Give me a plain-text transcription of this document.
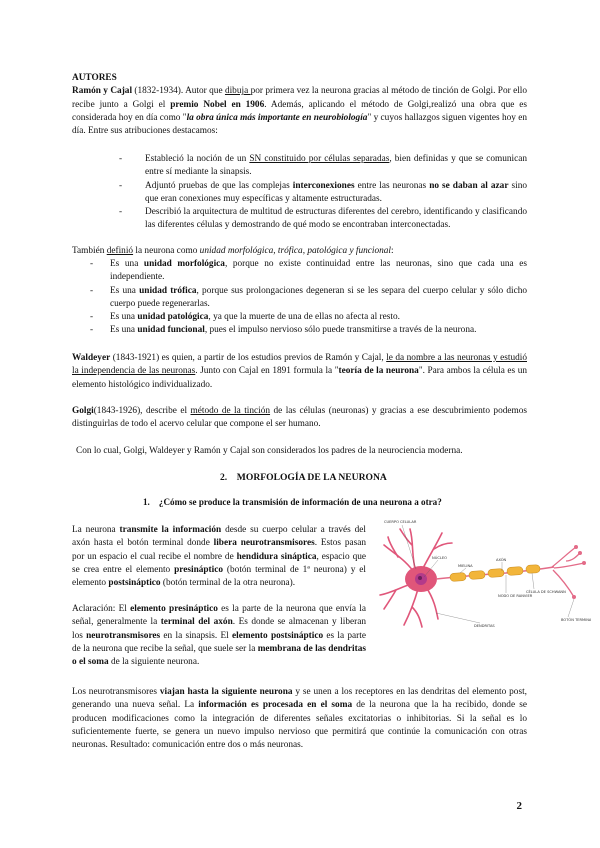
AUTORES
Ramón y Cajal (1832-1934). Autor que dibuja por primera vez la neurona gracias al método de tinción de Golgi. Por ello recibe junto a Golgi el premio Nobel en 1906. Además, aplicando el método de Golgi,realizó una obra que es considerada hoy en día como "la obra única más importante en neurobiología" y cuyos hallazgos siguen vigentes hoy en día. Entre sus atribuciones destacamos:
- Estableció la noción de un SN constituido por células separadas, bien definidas y que se comunican entre sí mediante la sinapsis.
- Adjuntó pruebas de que las complejas interconexiones entre las neuronas no se daban al azar sino que eran conexiones muy específicas y altamente estructuradas.
- Describió la arquitectura de multitud de estructuras diferentes del cerebro, identificando y clasificando las diferentes células y demostrando de qué modo se encontraban interconectadas.
También definió la neurona como unidad morfológica, trófica, patológica y funcional:
- Es una unidad morfológica, porque no existe continuidad entre las neuronas, sino que cada una es independiente.
- Es una unidad trófica, porque sus prolongaciones degeneran si se les separa del cuerpo celular y sólo dicho cuerpo puede regenerarlas.
- Es una unidad patológica, ya que la muerte de una de ellas no afecta al resto.
- Es una unidad funcional, pues el impulso nervioso sólo puede transmitirse a través de la neurona.
Waldeyer (1843-1921) es quien, a partir de los estudios previos de Ramón y Cajal, le da nombre a las neuronas y estudió la independencia de las neuronas. Junto con Cajal en 1891 formula la "teoría de la neurona". Para ambos la célula es un elemento histológico individualizado.
Golgi(1843-1926), describe el método de la tinción de las células (neuronas) y gracias a ese descubrimiento podemos distinguirlas de todo el acervo celular que compone el ser humano.
Con lo cual, Golgi, Waldeyer y Ramón y Cajal son considerados los padres de la neurociencia moderna.
2. MORFOLOGÍA DE LA NEURONA
1. ¿Cómo se produce la transmisión de información de una neurona a otra?
La neurona transmite la información desde su cuerpo celular a través del axón hasta el botón terminal donde libera neurotransmisores. Estos pasan por un espacio el cual recibe el nombre de hendidura sináptica, espacio que se crea entre el elemento presináptico (botón terminal de 1ª neurona) y el elemento postsináptico (botón terminal de la otra neurona).
Aclaración: El elemento presináptico es la parte de la neurona que envía la señal, generalmente la terminal del axón. Es donde se almacenan y liberan los neurotransmisores en la sinapsis. El elemento postsináptico es la parte de la neurona que recibe la señal, que suele ser la membrana de las dendritas o el soma de la siguiente neurona.
CUERPO CELULAR
NÚCLEO	AXÓN
MIELINA
NODO DE RANVIER
DENDRITAS
CÉLULA DE SCHWANN
BOTÓN TERMINAL
Los neurotransmisores viajan hasta la siguiente neurona y se unen a los receptores en las dendritas del elemento post, generando una nueva señal. La información es procesada en el soma de la neurona que la ha recibido, donde se producen modificaciones como la integración de diferentes señales excitatorias o inhibitorias. Si la señal es lo suficientemente fuerte, se genera un nuevo impulso nervioso que permitirá que continúe la comunicación con otras neuronas. Resultado: comunicación entre dos o más neuronas.
2
